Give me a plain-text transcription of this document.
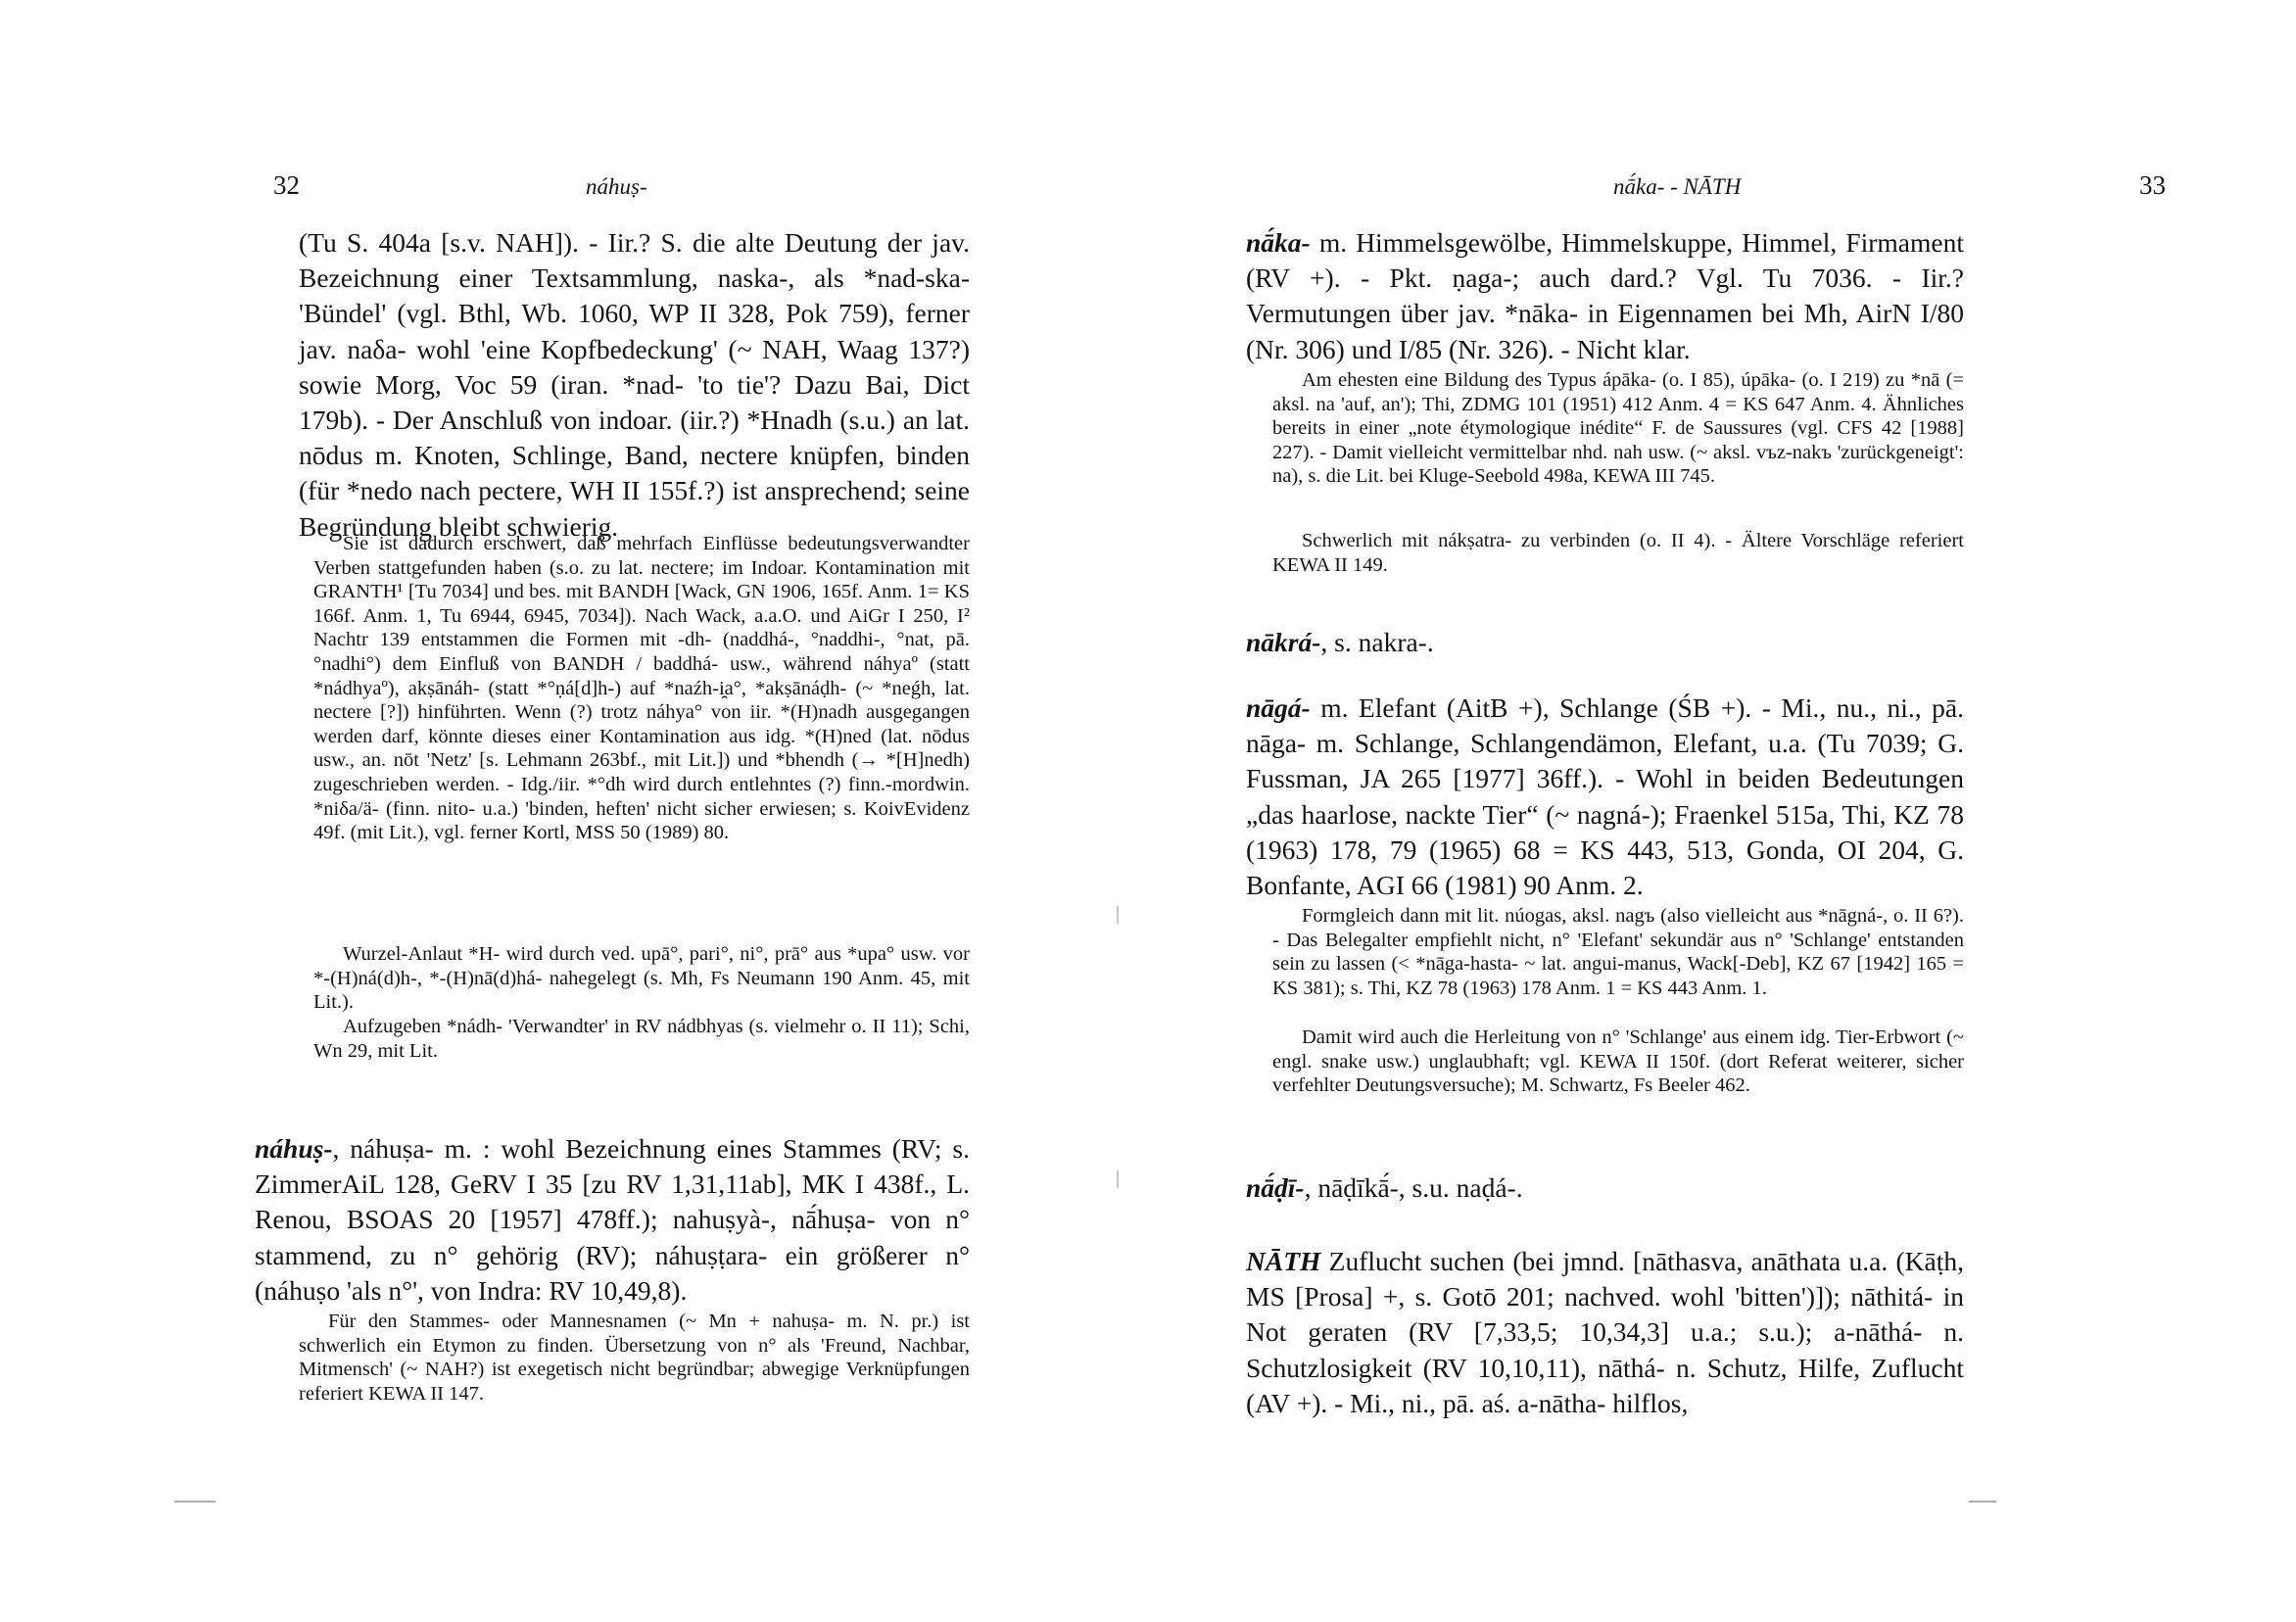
32	náhuṣ-

(Tu S. 404a [s.v. NAH]). - Iir.? S. die alte Deutung der jav. Bezeichnung einer Textsammlung, naska-, als *nad-ska- 'Bündel' (vgl. Bthl, Wb. 1060, WP II 328, Pok 759), ferner jav. naδa- wohl 'eine Kopfbedeckung' (~ NAH, Waag 137?) sowie Morg, Voc 59 (iran. *nad- 'to tie'? Dazu Bai, Dict 179b). - Der Anschluß von indoar. (iir.?) *Hnadh (s.u.) an lat. nōdus m. Knoten, Schlinge, Band, nectere knüpfen, binden (für *nedo nach pectere, WH II 155f.?) ist ansprechend; seine Begründung bleibt schwierig.

Sie ist dadurch erschwert, daß mehrfach Einflüsse bedeutungsverwandter Verben stattgefunden haben (s.o. zu lat. nectere; im Indoar. Kontamination mit GRANTH¹ [Tu 7034] und bes. mit BANDH [Wack, GN 1906, 165f. Anm. 1= KS 166f. Anm. 1, Tu 6944, 6945, 7034]). Nach Wack, a.a.O. und AiGr I 250, I² Nachtr 139 entstammen die Formen mit -dh- (naddhá-, °naddhi-, °nat, pā. °nadhi°) dem Einfluß von BANDH / baddhá- usw., während náhyaº (statt *nádhyaº), akṣānáh- (statt *°ṇá[d]h-) auf *naźh-i̯a°, *akṣānáḍh- (~ *neǵh, lat. nectere [?]) hinführten. Wenn (?) trotz náhya° von iir. *(H)nadh ausgegangen werden darf, könnte dieses einer Kontamination aus idg. *(H)ned (lat. nōdus usw., an. nōt 'Netz' [s. Lehmann 263bf., mit Lit.]) und *bhendh (→ *[H]nedh) zugeschrieben werden. - Idg./iir. *°dh wird durch entlehntes (?) finn.-mordwin. *niδa/ä- (finn. nito- u.a.) 'binden, heften' nicht sicher erwiesen; s. KoivEvidenz 49f. (mit Lit.), vgl. ferner Kortl, MSS 50 (1989) 80.

Wurzel-Anlaut *H- wird durch ved. upā°, pari°, ni°, prā° aus *upa° usw. vor *-(H)ná(d)h-, *-(H)nā(d)há- nahegelegt (s. Mh, Fs Neumann 190 Anm. 45, mit Lit.).

Aufzugeben *nádh- 'Verwandter' in RV nádbhyas (s. vielmehr o. II 11); Schi, Wn 29, mit Lit.

náhuṣ-, náhuṣa- m. : wohl Bezeichnung eines Stammes (RV; s. ZimmerAiL 128, GeRV I 35 [zu RV 1,31,11ab], MK I 438f., L. Renou, BSOAS 20 [1957] 478ff.); nahuṣyà-, nā́huṣa- von n° stammend, zu n° gehörig (RV); náhuṣṭara- ein größerer n° (náhuṣo 'als n°', von Indra: RV 10,49,8).

Für den Stammes- oder Mannesnamen (~ Mn + nahuṣa- m. N. pr.) ist schwerlich ein Etymon zu finden. Übersetzung von n° als 'Freund, Nachbar, Mitmensch' (~ NAH?) ist exegetisch nicht begründbar; abwegige Verknüpfungen referiert KEWA II 147.

nā́ka- - NĀTH	33

nā́ka- m. Himmelsgewölbe, Himmelskuppe, Himmel, Firmament (RV +). - Pkt. ṇaga-; auch dard.? Vgl. Tu 7036. - Iir.? Vermutungen über jav. *nāka- in Eigennamen bei Mh, AirN I/80 (Nr. 306) und I/85 (Nr. 326). - Nicht klar.

Am ehesten eine Bildung des Typus ápāka- (o. I 85), úpāka- (o. I 219) zu *nā (= aksl. na 'auf, an'); Thi, ZDMG 101 (1951) 412 Anm. 4 = KS 647 Anm. 4. Ähnliches bereits in einer „note étymologique inédite“ F. de Saussures (vgl. CFS 42 [1988] 227). - Damit vielleicht vermittelbar nhd. nah usw. (~ aksl. vъz-nakъ 'zurückgeneigt': na), s. die Lit. bei Kluge-Seebold 498a, KEWA III 745.

Schwerlich mit nákṣatra- zu verbinden (o. II 4). - Ältere Vorschläge referiert KEWA II 149.

nākrá-, s. nakra-.

nāgá- m. Elefant (AitB +), Schlange (ŚB +). - Mi., nu., ni., pā. nāga- m. Schlange, Schlangendämon, Elefant, u.a. (Tu 7039; G. Fussman, JA 265 [1977] 36ff.). - Wohl in beiden Bedeutungen „das haarlose, nackte Tier“ (~ nagná-); Fraenkel 515a, Thi, KZ 78 (1963) 178, 79 (1965) 68 = KS 443, 513, Gonda, OI 204, G. Bonfante, AGI 66 (1981) 90 Anm. 2.

Formgleich dann mit lit. núogas, aksl. nagъ (also vielleicht aus *nāgná-, o. II 6?). - Das Belegalter empfiehlt nicht, n° 'Elefant' sekundär aus n° 'Schlange' entstanden sein zu lassen (< *nāga-hasta- ~ lat. angui-manus, Wack[-Deb], KZ 67 [1942] 165 = KS 381); s. Thi, KZ 78 (1963) 178 Anm. 1 = KS 443 Anm. 1.

Damit wird auch die Herleitung von n° 'Schlange' aus einem idg. Tier-Erbwort (~ engl. snake usw.) unglaubhaft; vgl. KEWA II 150f. (dort Referat weiterer, sicher verfehlter Deutungsversuche); M. Schwartz, Fs Beeler 462.

nā́ḍī-, nāḍīkā́-, s.u. naḍá-.

NĀTH Zuflucht suchen (bei jmnd. [nāthasva, anāthata u.a. (Kāṭh, MS [Prosa] +, s. Gotō 201; nachved. wohl 'bitten')]); nāthitá- in Not geraten (RV [7,33,5; 10,34,3] u.a.; s.u.); a-nāthá- n. Schutzlosigkeit (RV 10,10,11), nāthá- n. Schutz, Hilfe, Zuflucht (AV +). - Mi., ni., pā. aś. a-nātha- hilflos,
